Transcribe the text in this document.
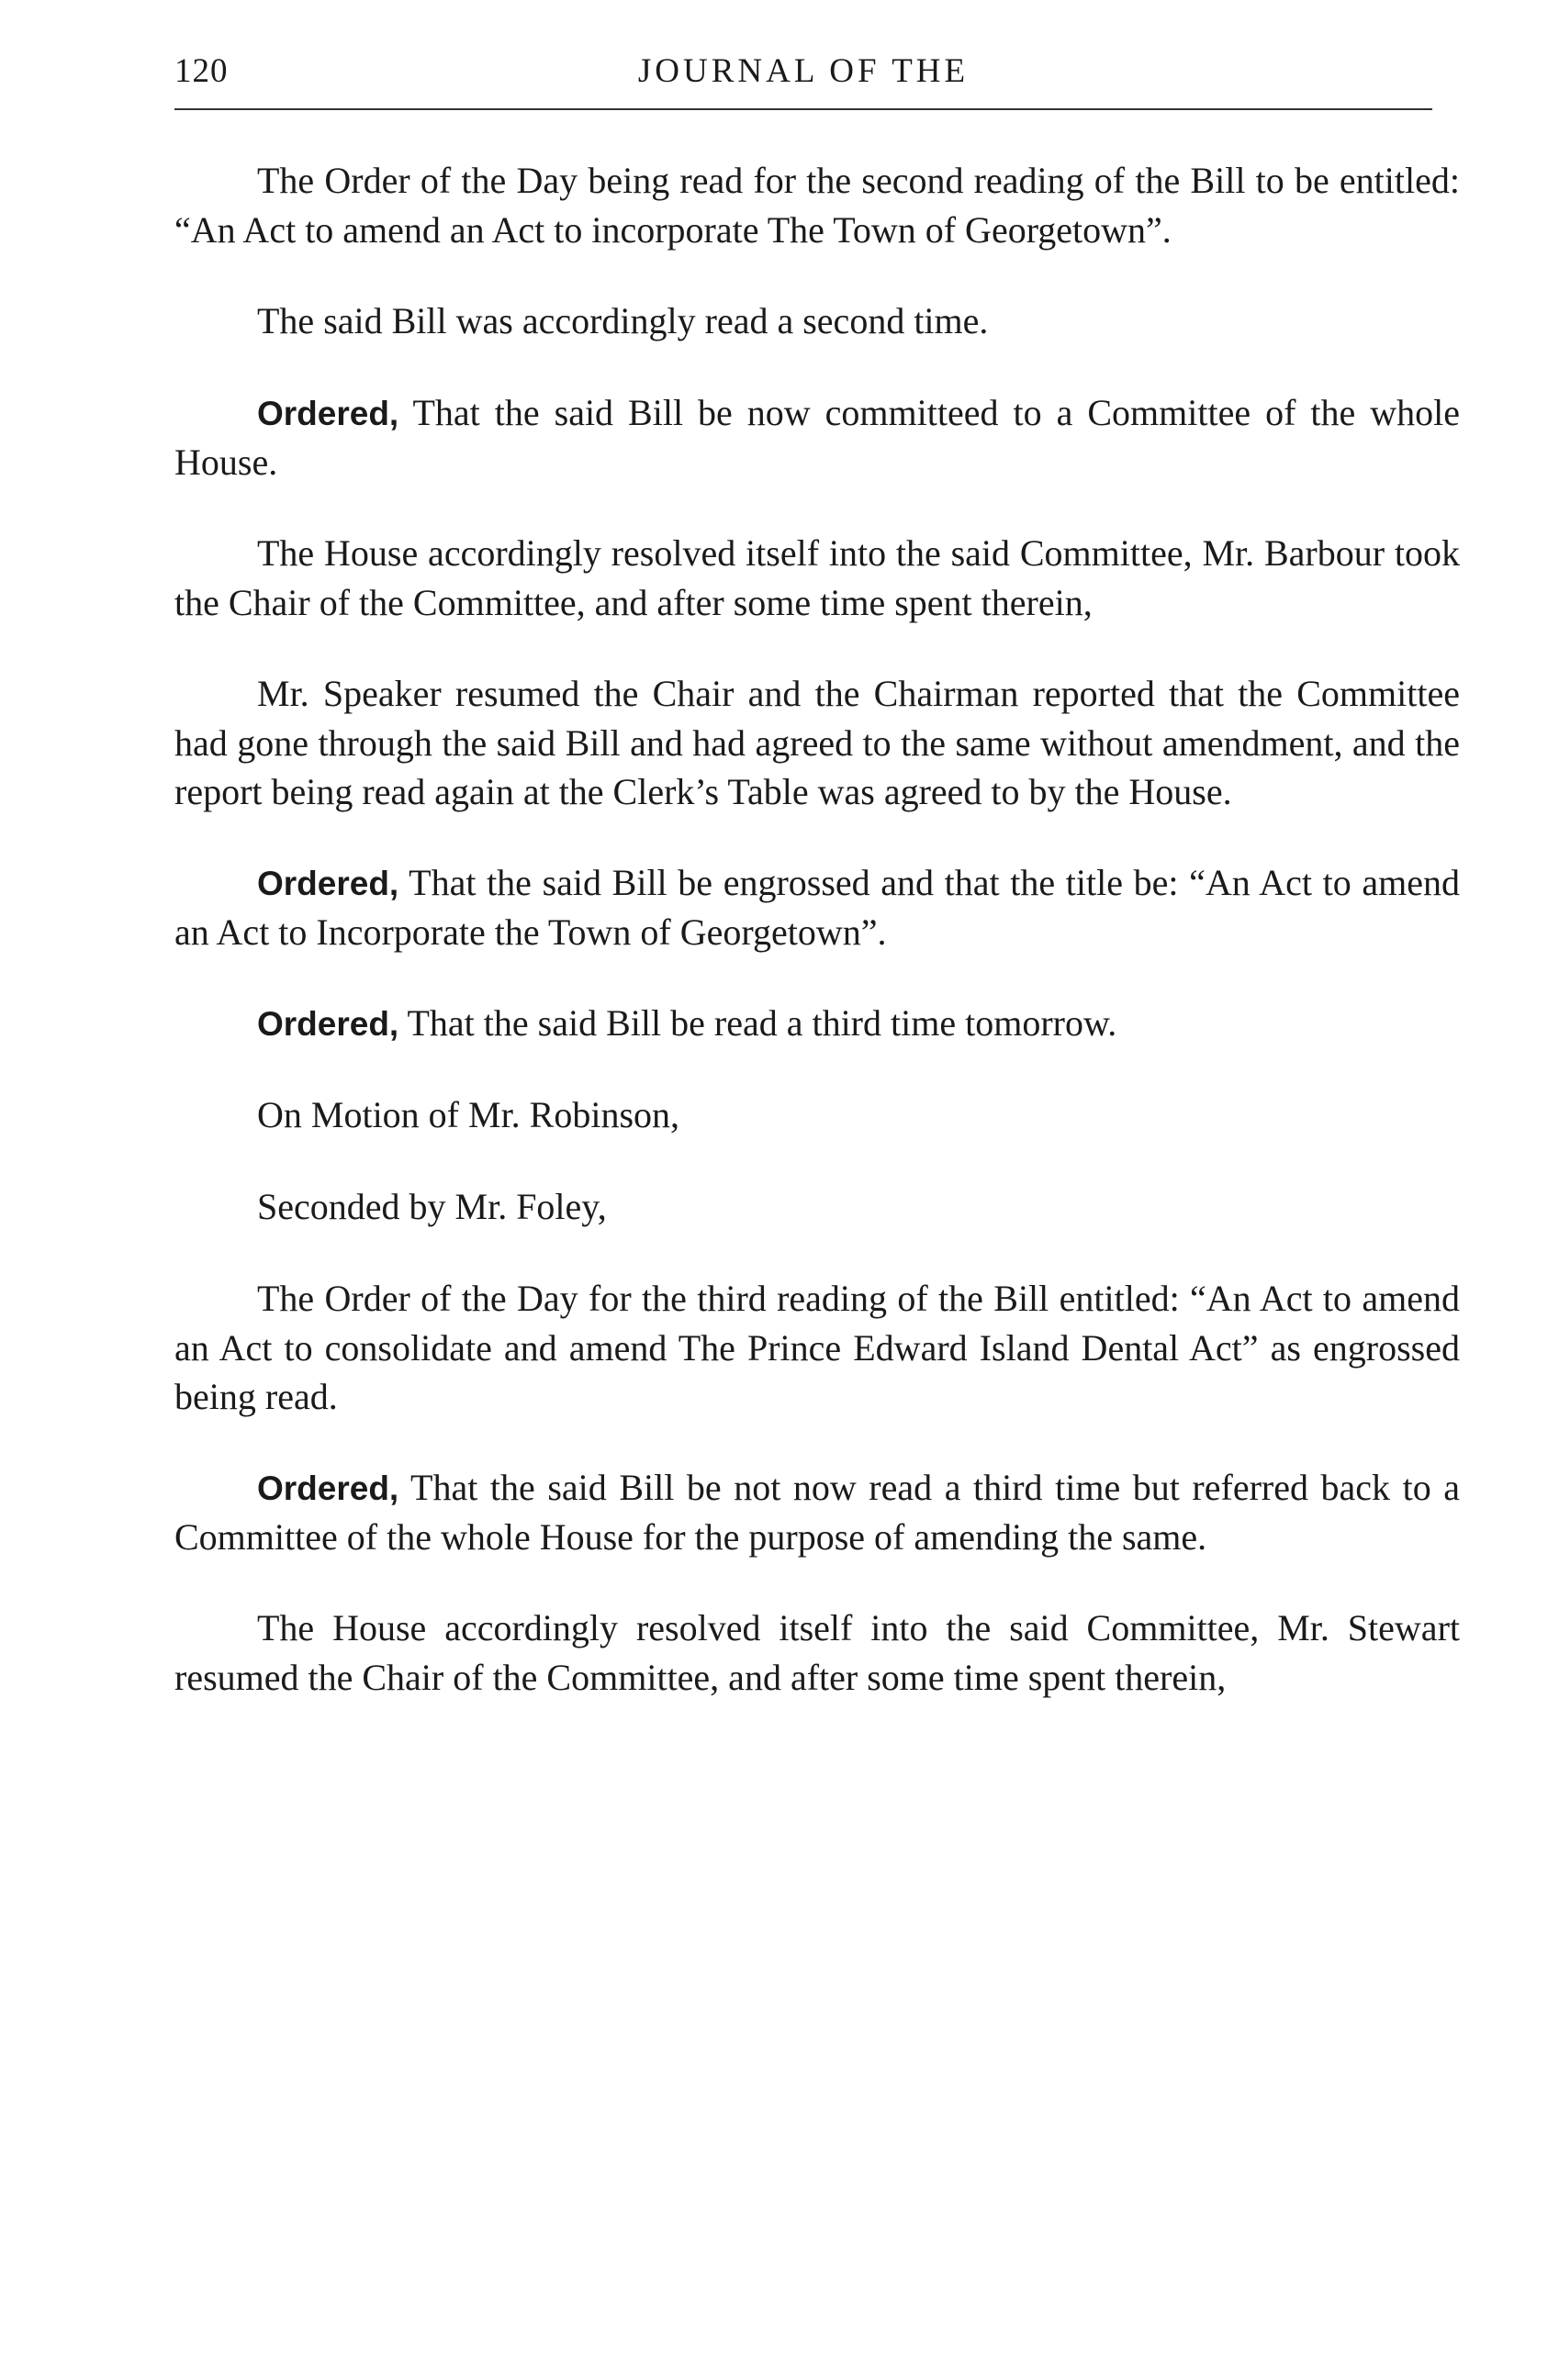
120	JOURNAL OF THE

The Order of the Day being read for the second reading of the Bill to be entitled: “An Act to amend an Act to incorporate The Town of Georgetown”.

The said Bill was accordingly read a second time.

Ordered, That the said Bill be now committeed to a Committee of the whole House.

The House accordingly resolved itself into the said Committee, Mr. Barbour took the Chair of the Committee, and after some time spent therein,

Mr. Speaker resumed the Chair and the Chairman reported that the Committee had gone through the said Bill and had agreed to the same without amendment, and the report being read again at the Clerk’s Table was agreed to by the House.

Ordered, That the said Bill be engrossed and that the title be: “An Act to amend an Act to Incorporate the Town of Georgetown”.

Ordered, That the said Bill be read a third time tomorrow.

On Motion of Mr. Robinson,

Seconded by Mr. Foley,

The Order of the Day for the third reading of the Bill entitled: “An Act to amend an Act to consolidate and amend The Prince Edward Island Dental Act” as engrossed being read.

Ordered, That the said Bill be not now read a third time but referred back to a Committee of the whole House for the purpose of amending the same.

The House accordingly resolved itself into the said Committee, Mr. Stewart resumed the Chair of the Committee, and after some time spent therein,
